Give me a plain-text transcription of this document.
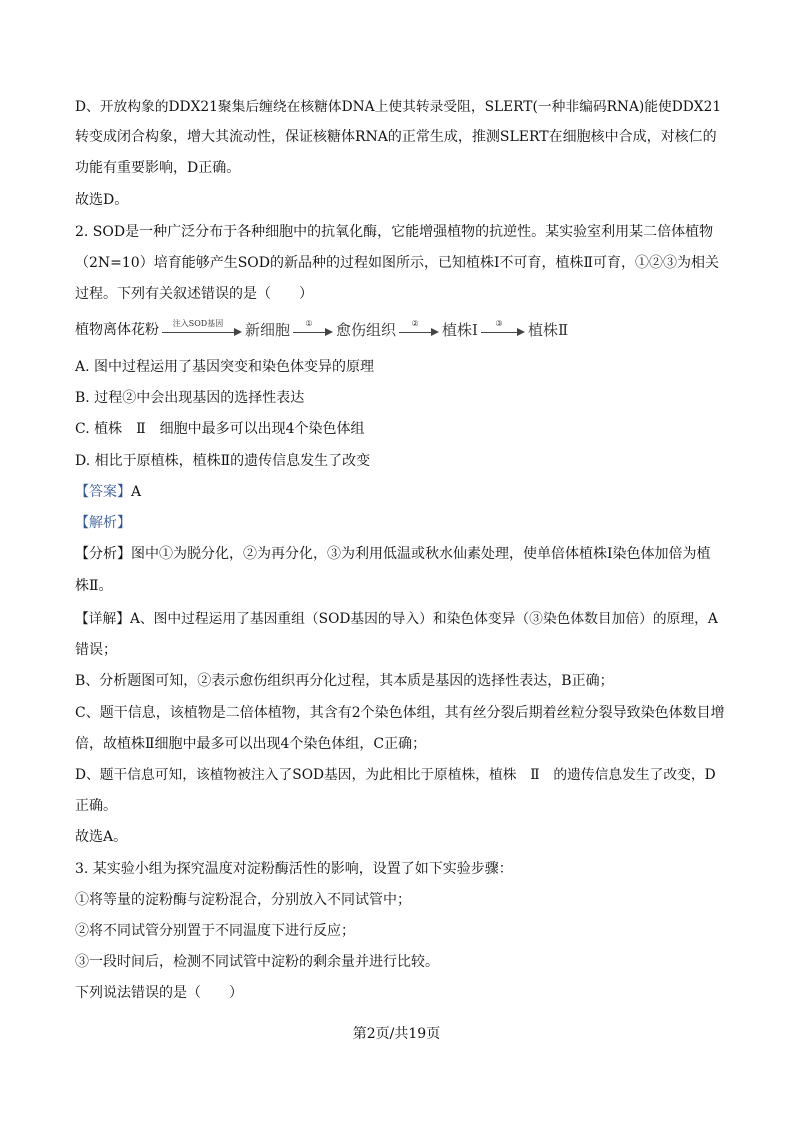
D、开放构象的DDX21聚集后缠绕在核糖体DNA上使其转录受阻，SLERT(一种非编码RNA)能使DDX21
转变成闭合构象，增大其流动性，保证核糖体RNA的正常生成，推测SLERT在细胞核中合成，对核仁的
功能有重要影响，D正确。
故选D。
2. SOD是一种广泛分布于各种细胞中的抗氧化酶，它能增强植物的抗逆性。某实验室利用某二倍体植物
（2N=10）培育能够产生SOD的新品种的过程如图所示，已知植株Ⅰ不可育，植株Ⅱ可育，①②③为相关
过程。下列有关叙述错误的是（　　）
植物离体花粉	注入SOD基因	新细胞	①	愈伤组织	②	植株Ⅰ	③	植株Ⅱ
A. 图中过程运用了基因突变和染色体变异的原理
B. 过程②中会出现基因的选择性表达
C. 植株　Ⅱ　细胞中最多可以出现4个染色体组
D. 相比于原植株，植株Ⅱ的遗传信息发生了改变
【答案】A
【解析】
【分析】图中①为脱分化，②为再分化，③为利用低温或秋水仙素处理，使单倍体植株Ⅰ染色体加倍为植
株Ⅱ。
【详解】A、图中过程运用了基因重组（SOD基因的导入）和染色体变异（③染色体数目加倍）的原理，A
错误；
B、分析题图可知，②表示愈伤组织再分化过程，其本质是基因的选择性表达，B正确；
C、题干信息，该植物是二倍体植物，其含有2个染色体组，其有丝分裂后期着丝粒分裂导致染色体数目增
倍，故植株Ⅱ细胞中最多可以出现4个染色体组，C正确；
D、题干信息可知，该植物被注入了SOD基因，为此相比于原植株，植株　Ⅱ　的遗传信息发生了改变，D
正确。
故选A。
3. 某实验小组为探究温度对淀粉酶活性的影响，设置了如下实验步骤：
①将等量的淀粉酶与淀粉混合，分别放入不同试管中；
②将不同试管分别置于不同温度下进行反应；
③一段时间后，检测不同试管中淀粉的剩余量并进行比较。
下列说法错误的是（　　）
第2页/共19页
